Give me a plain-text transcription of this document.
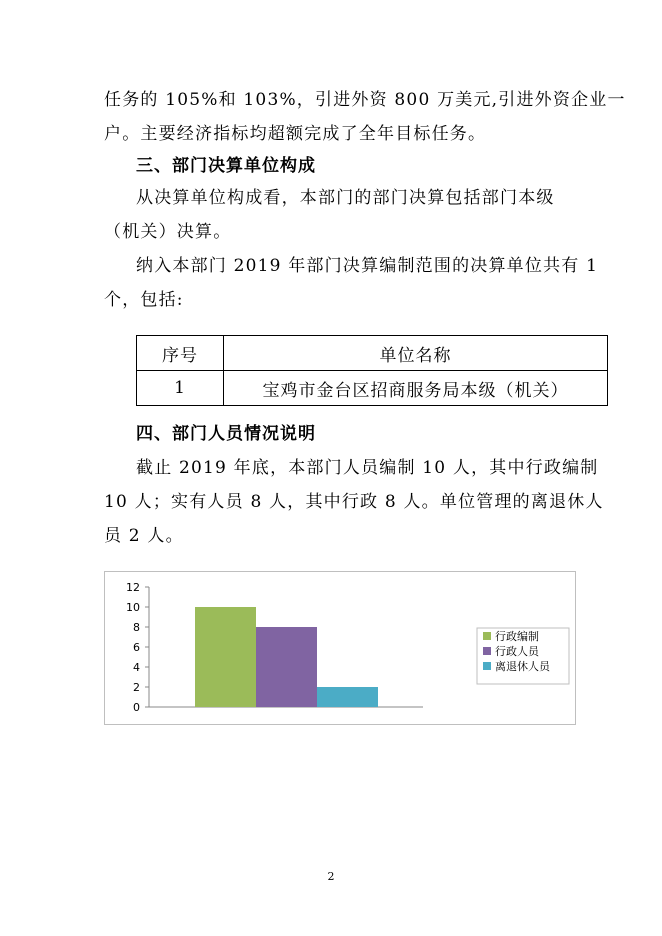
任务的 105%和 103%，引进外资 800 万美元,引进外资企业一
户。主要经济指标均超额完成了全年目标任务。
三、部门决算单位构成
从决算单位构成看，本部门的部门决算包括部门本级
（机关）决算。
纳入本部门 2019 年部门决算编制范围的决算单位共有 1
个，包括:
序号	单位名称
1	宝鸡市金台区招商服务局本级（机关）
四、部门人员情况说明
截止 2019 年底，本部门人员编制 10 人，其中行政编制
10 人；实有人员 8 人，其中行政 8 人。单位管理的离退休人
员 2 人。
0
2
4
6
8
10
12
行政编制
行政人员
离退休人员
2
